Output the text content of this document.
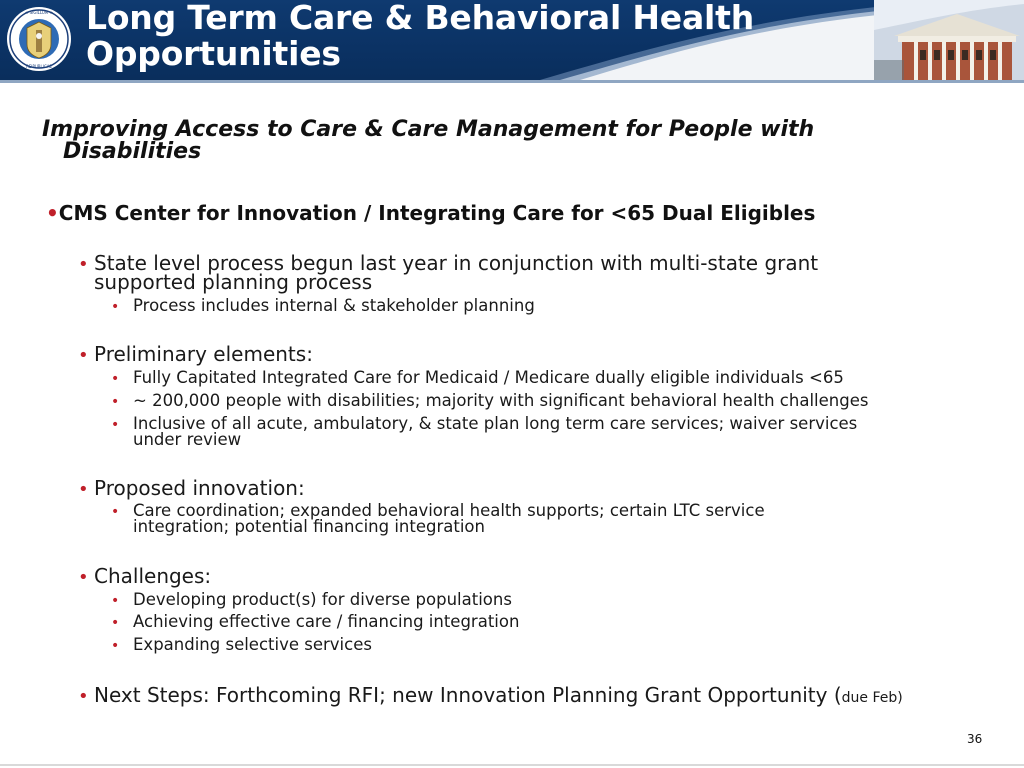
★ SIGILLUM ★
REIPUBLICAE
Long Term Care & Behavioral Health
Opportunities
Improving Access to Care & Care Management for People with
Disabilities
•CMS Center for Innovation / Integrating Care for <65 Dual Eligibles
• State level process begun last year in conjunction with multi-state grant
supported planning process
• Process includes internal & stakeholder planning
• Preliminary elements:
• Fully Capitated Integrated Care for Medicaid / Medicare dually eligible individuals <65
• ~ 200,000 people with disabilities; majority with significant behavioral health challenges
• Inclusive of all acute, ambulatory, & state plan long term care services; waiver services
under review
• Proposed innovation:
• Care coordination; expanded behavioral health supports; certain LTC service
integration; potential financing integration
• Challenges:
• Developing product(s) for diverse populations
• Achieving effective care / financing integration
• Expanding selective services
• Next Steps: Forthcoming RFI; new Innovation Planning Grant Opportunity (due Feb)
36
